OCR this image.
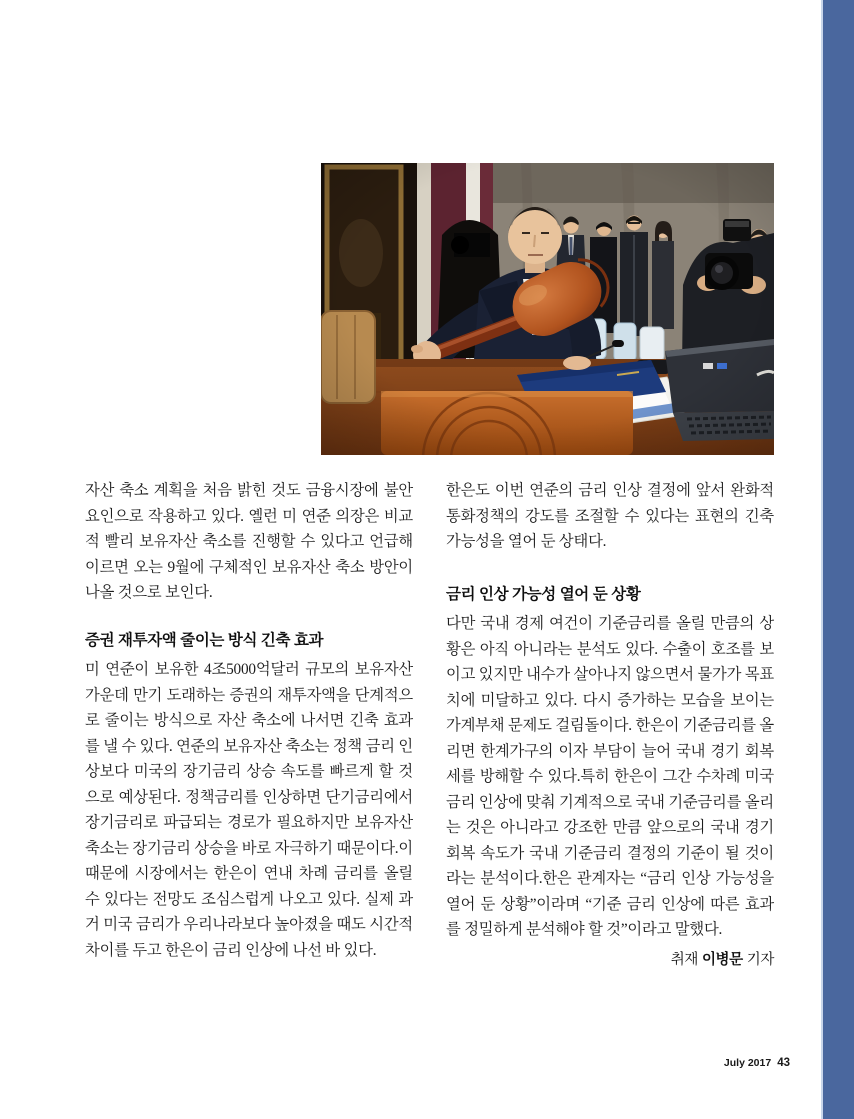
자산 축소 계획을 처음 밝힌 것도 금융시장에 불안 요인으로 작용하고 있다. 옐런 미 연준 의장은 비교적 빨리 보유자산 축소를 진행할 수 있다고 언급해 이르면 오는 9월에 구체적인 보유자산 축소 방안이 나올 것으로 보인다.

증권 재투자액 줄이는 방식 긴축 효과

미 연준이 보유한 4조5000억달러 규모의 보유자산 가운데 만기 도래하는 증권의 재투자액을 단계적으로 줄이는 방식으로 자산 축소에 나서면 긴축 효과를 낼 수 있다. 연준의 보유자산 축소는 정책 금리 인상보다 미국의 장기금리 상승 속도를 빠르게 할 것으로 예상된다. 정책금리를 인상하면 단기금리에서 장기금리로 파급되는 경로가 필요하지만 보유자산 축소는 장기금리 상승을 바로 자극하기 때문이다.이 때문에 시장에서는 한은이 연내 차례 금리를 올릴 수 있다는 전망도 조심스럽게 나오고 있다. 실제 과거 미국 금리가 우리나라보다 높아졌을 때도 시간적 차이를 두고 한은이 금리 인상에 나선 바 있다.

한은도 이번 연준의 금리 인상 결정에 앞서 완화적 통화정책의 강도를 조절할 수 있다는 표현의 긴축 가능성을 열어 둔 상태다.

금리 인상 가능성 열어 둔 상황

다만 국내 경제 여건이 기준금리를 올릴 만큼의 상황은 아직 아니라는 분석도 있다. 수출이 호조를 보이고 있지만 내수가 살아나지 않으면서 물가가 목표치에 미달하고 있다. 다시 증가하는 모습을 보이는 가계부채 문제도 걸림돌이다. 한은이 기준금리를 올리면 한계가구의 이자 부담이 늘어 국내 경기 회복세를 방해할 수 있다.특히 한은이 그간 수차례 미국 금리 인상에 맞춰 기계적으로 국내 기준금리를 올리는 것은 아니라고 강조한 만큼 앞으로의 국내 경기 회복 속도가 국내 기준금리 결정의 기준이 될 것이라는 분석이다.한은 관계자는 “금리 인상 가능성을 열어 둔 상황”이라며 “기준 금리 인상에 따른 효과를 정밀하게 분석해야 할 것”이라고 말했다.

취재 이병문 기자
July 2017 43
